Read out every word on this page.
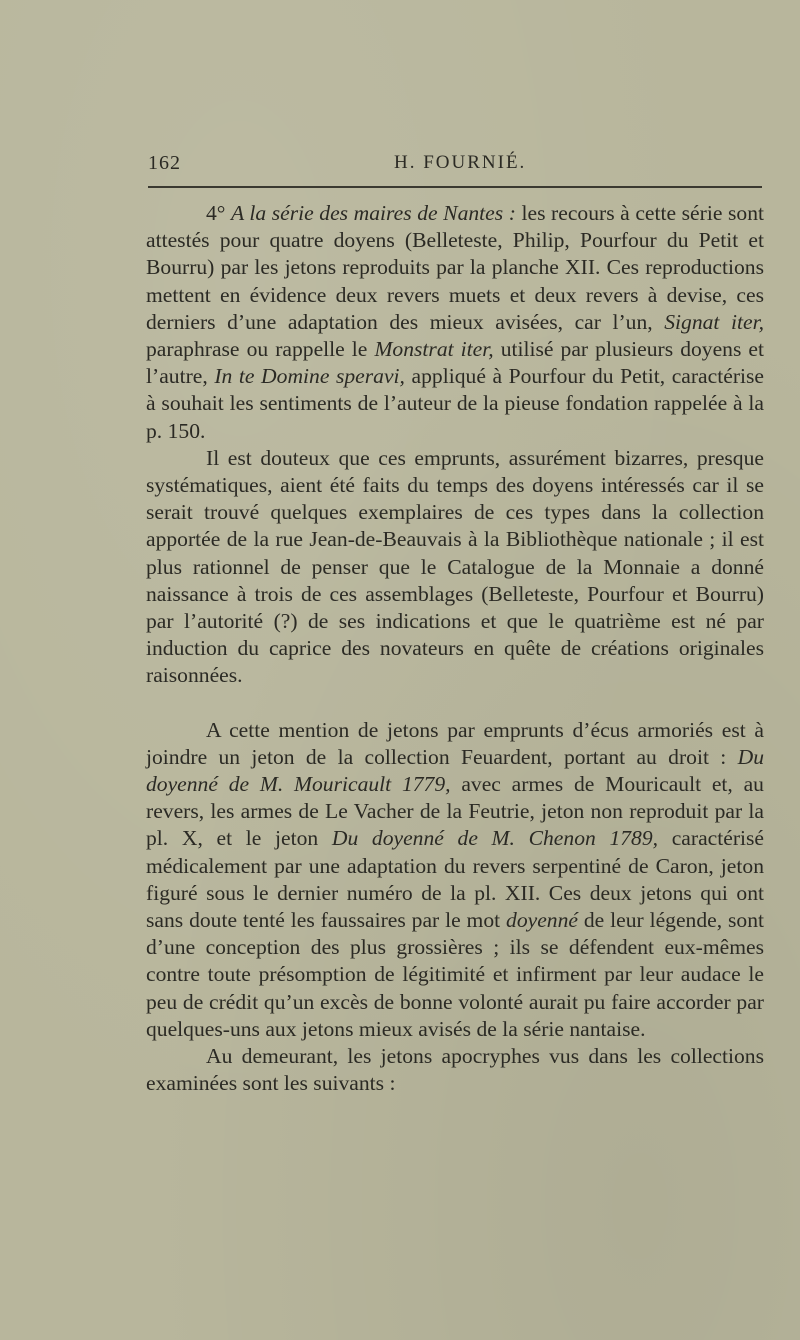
162	H. FOURNIÉ.

4° A la série des maires de Nantes : les recours à cette série sont attestés pour quatre doyens (Belleteste, Philip, Pourfour du Petit et Bourru) par les jetons reproduits par la planche XII. Ces reproductions mettent en évidence deux revers muets et deux revers à devise, ces derniers d’une adaptation des mieux avisées, car l’un, Signat iter, paraphrase ou rappelle le Monstrat iter, utilisé par plusieurs doyens et l’autre, In te Domine speravi, appliqué à Pourfour du Petit, caractérise à souhait les sentiments de l’auteur de la pieuse fondation rappelée à la p. 150.

Il est douteux que ces emprunts, assurément bizarres, presque systématiques, aient été faits du temps des doyens intéressés car il se serait trouvé quelques exemplaires de ces types dans la collection apportée de la rue Jean-de-Beauvais à la Bibliothèque nationale ; il est plus rationnel de penser que le Catalogue de la Monnaie a donné naissance à trois de ces assemblages (Belleteste, Pourfour et Bourru) par l’autorité (?) de ses indications et que le quatrième est né par induction du caprice des novateurs en quête de créations originales raisonnées.

A cette mention de jetons par emprunts d’écus armoriés est à joindre un jeton de la collection Feuardent, portant au droit : Du doyenné de M. Mouricault 1779, avec armes de Mouricault et, au revers, les armes de Le Vacher de la Feutrie, jeton non reproduit par la pl. X, et le jeton Du doyenné de M. Chenon 1789, caractérisé médicalement par une adaptation du revers serpentiné de Caron, jeton figuré sous le dernier numéro de la pl. XII. Ces deux jetons qui ont sans doute tenté les faussaires par le mot doyenné de leur légende, sont d’une conception des plus grossières ; ils se défendent eux-mêmes contre toute présomption de légitimité et infirment par leur audace le peu de crédit qu’un excès de bonne volonté aurait pu faire accorder par quelques-uns aux jetons mieux avisés de la série nantaise.

Au demeurant, les jetons apocryphes vus dans les collections examinées sont les suivants :
